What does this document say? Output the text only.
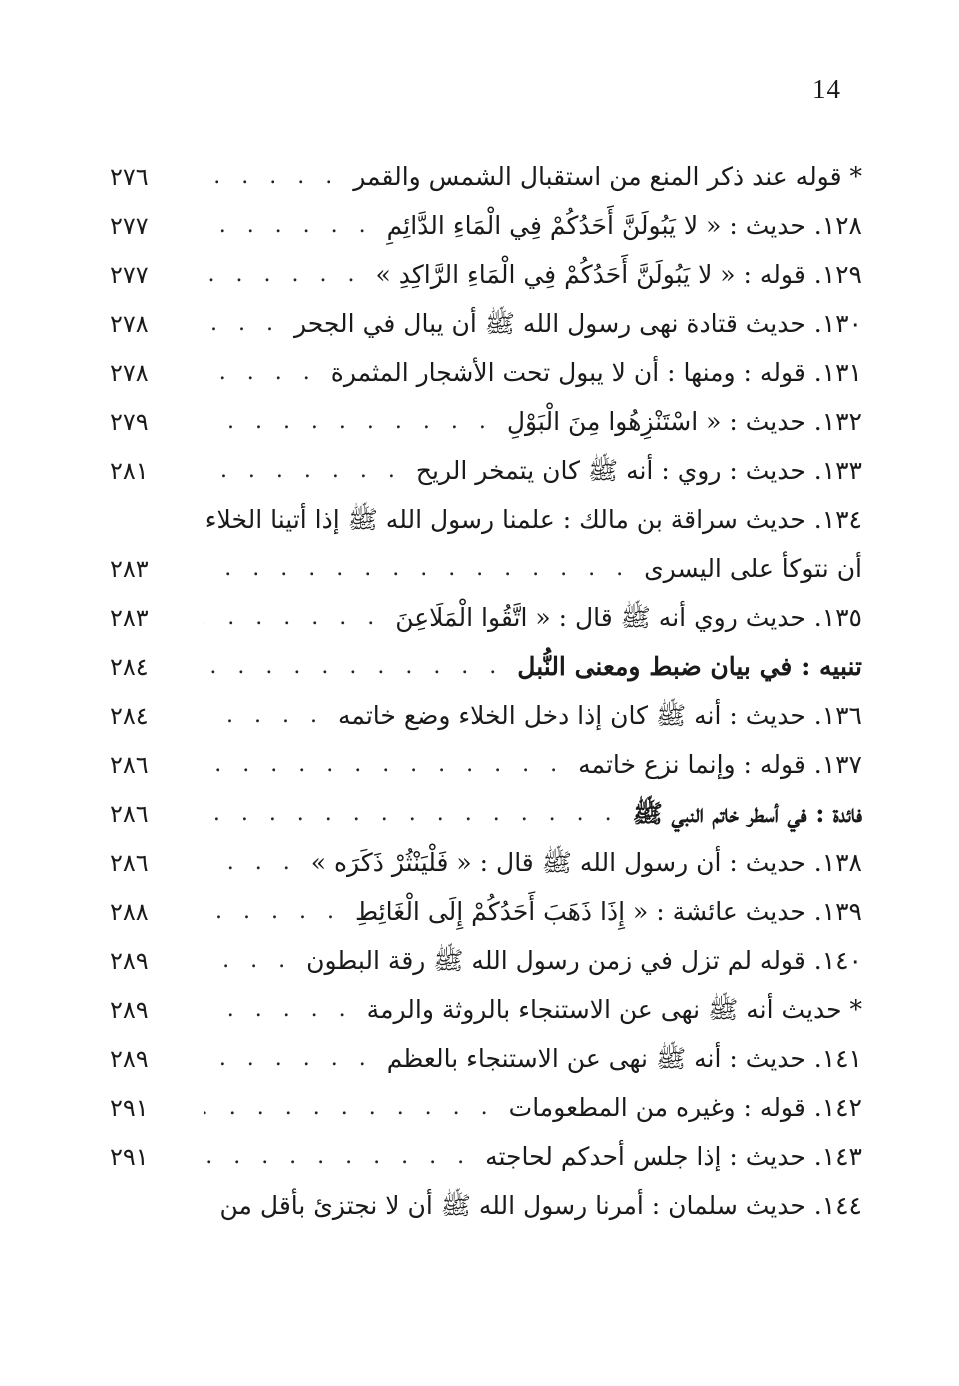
14
* قوله عند ذكر المنع من استقبال الشمس والقمر
. . .
٢٧٦
١٢٨. حديث : « لا يَبُولَنَّ أَحَدُكُمْ فِي الْمَاءِ الدَّائِمِ
. . .
٢٧٧
١٢٩. قوله : « لا يَبُولَنَّ أَحَدُكُمْ فِي الْمَاءِ الرَّاكِدِ »
. . .
٢٧٧
١٣٠. حديث قتادة نهى رسول الله ﷺ أن يبال في الجحر
. . .
٢٧٨
١٣١. قوله : ومنها : أن لا يبول تحت الأشجار المثمرة
. . .
٢٧٨
١٣٢. حديث : « اسْتَنْزِهُوا مِنَ الْبَوْلِ
. . .
٢٧٩
١٣٣. حديث : روي : أنه ﷺ كان يتمخر الريح
. . .
٢٨١
١٣٤. حديث سراقة بن مالك : علمنا رسول الله ﷺ إذا أتينا الخلاء
أن نتوكأ على اليسرى
. . .
٢٨٣
١٣٥. حديث روي أنه ﷺ قال : « اتَّقُوا الْمَلَاعِنَ
. . .
٢٨٣
تنبيه : في بيان ضبط ومعنى النُّبل
. . .
٢٨٤
١٣٦. حديث : أنه ﷺ كان إذا دخل الخلاء وضع خاتمه
. . .
٢٨٤
١٣٧. قوله : وإنما نزع خاتمه
. . .
٢٨٦
فائدة : في أسطر خاتم النبي ﷺ
. . .
٢٨٦
١٣٨. حديث : أن رسول الله ﷺ قال : « فَلْيَنْثُرْ ذَكَرَه »
. . .
٢٨٦
١٣٩. حديث عائشة : « إِذَا ذَهَبَ أَحَدُكُمْ إِلَى الْغَائِطِ
. . .
٢٨٨
١٤٠. قوله لم تزل في زمن رسول الله ﷺ رقة البطون
. . .
٢٨٩
* حديث أنه ﷺ نهى عن الاستنجاء بالروثة والرمة
. . .
٢٨٩
١٤١. حديث : أنه ﷺ نهى عن الاستنجاء بالعظم
. . .
٢٨٩
١٤٢. قوله : وغيره من المطعومات
. . .
٢٩١
١٤٣. حديث : إذا جلس أحدكم لحاجته
. . .
٢٩١
١٤٤. حديث سلمان : أمرنا رسول الله ﷺ أن لا نجتزئ بأقل من
